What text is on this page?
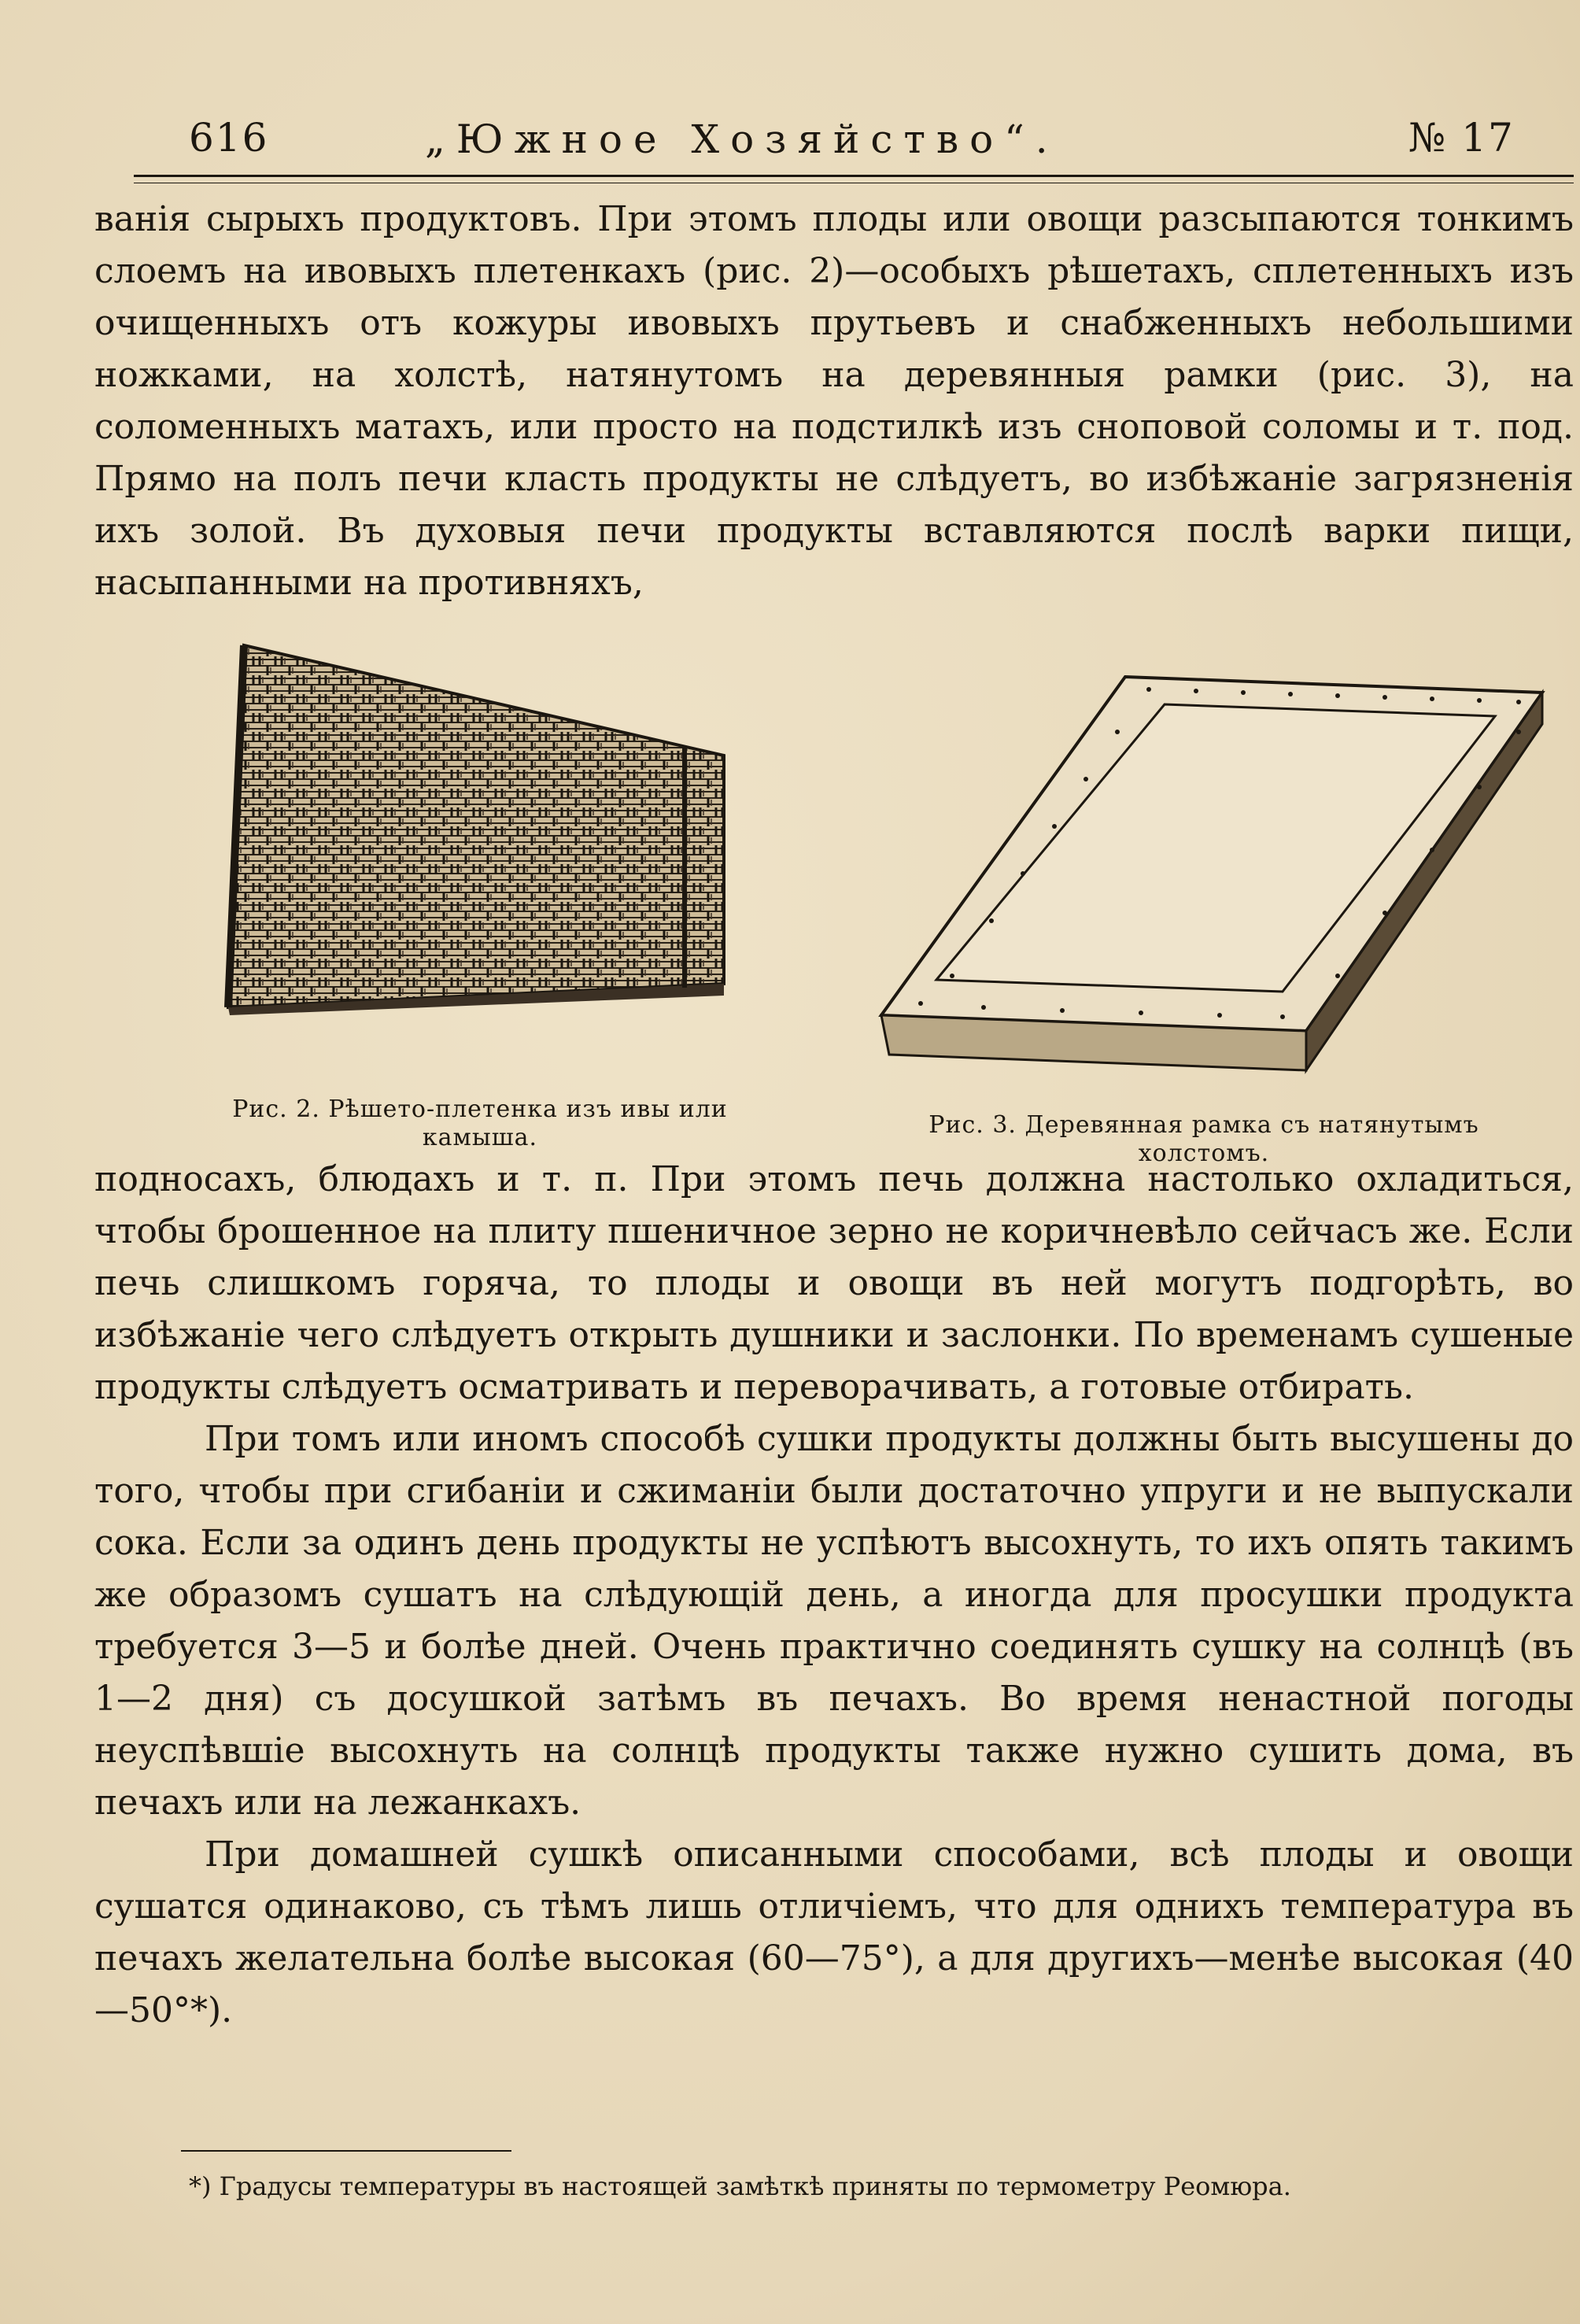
616	„Южное Хозяйство“.	№ 17

ванія сырыхъ продуктовъ. При этомъ плоды или овощи разсыпаются тонкимъ слоемъ на ивовыхъ плетенкахъ (рис. 2)—особыхъ рѣшетахъ, сплетенныхъ изъ очищенныхъ отъ кожуры ивовыхъ прутьевъ и снабженныхъ небольшими ножками, на холстѣ, натянутомъ на деревянныя рамки (рис. 3), на соломенныхъ матахъ, или просто на подстилкѣ изъ сноповой соломы и т. под. Прямо на полъ печи класть продукты не слѣдуетъ, во избѣжаніе загрязненія ихъ золой. Въ духовыя печи продукты вставляются послѣ варки пищи, насыпанными на противняхъ,

Рис. 2. Рѣшето-плетенка изъ ивы или камыша.	Рис. 3. Деревянная рамка съ натянутымъ холстомъ.

подносахъ, блюдахъ и т. п. При этомъ печь должна настолько охладиться, чтобы брошенное на плиту пшеничное зерно не коричневѣло сейчасъ же. Если печь слишкомъ горяча, то плоды и овощи въ ней могутъ подгорѣть, во избѣжаніе чего слѣдуетъ открыть душники и заслонки. По временамъ сушеные продукты слѣдуетъ осматривать и переворачивать, а готовые отбирать.

При томъ или иномъ способѣ сушки продукты должны быть высушены до того, чтобы при сгибаніи и сжиманіи были достаточно упруги и не выпускали сока. Если за одинъ день продукты не успѣютъ высохнуть, то ихъ опять такимъ же образомъ сушатъ на слѣдующій день, а иногда для просушки продукта требуется 3—5 и болѣе дней. Очень практично соединять сушку на солнцѣ (въ 1—2 дня) съ досушкой затѣмъ въ печахъ. Во время ненастной погоды неуспѣвшіе высохнуть на солнцѣ продукты также нужно сушить дома, въ печахъ или на лежанкахъ.

При домашней сушкѣ описанными способами, всѣ плоды и овощи сушатся одинаково, съ тѣмъ лишь отличіемъ, что для однихъ температура въ печахъ желательна болѣе высокая (60—75°), а для другихъ—менѣе высокая (40—50°*).

*) Градусы температуры въ настоящей замѣткѣ приняты по термометру Реомюра.
